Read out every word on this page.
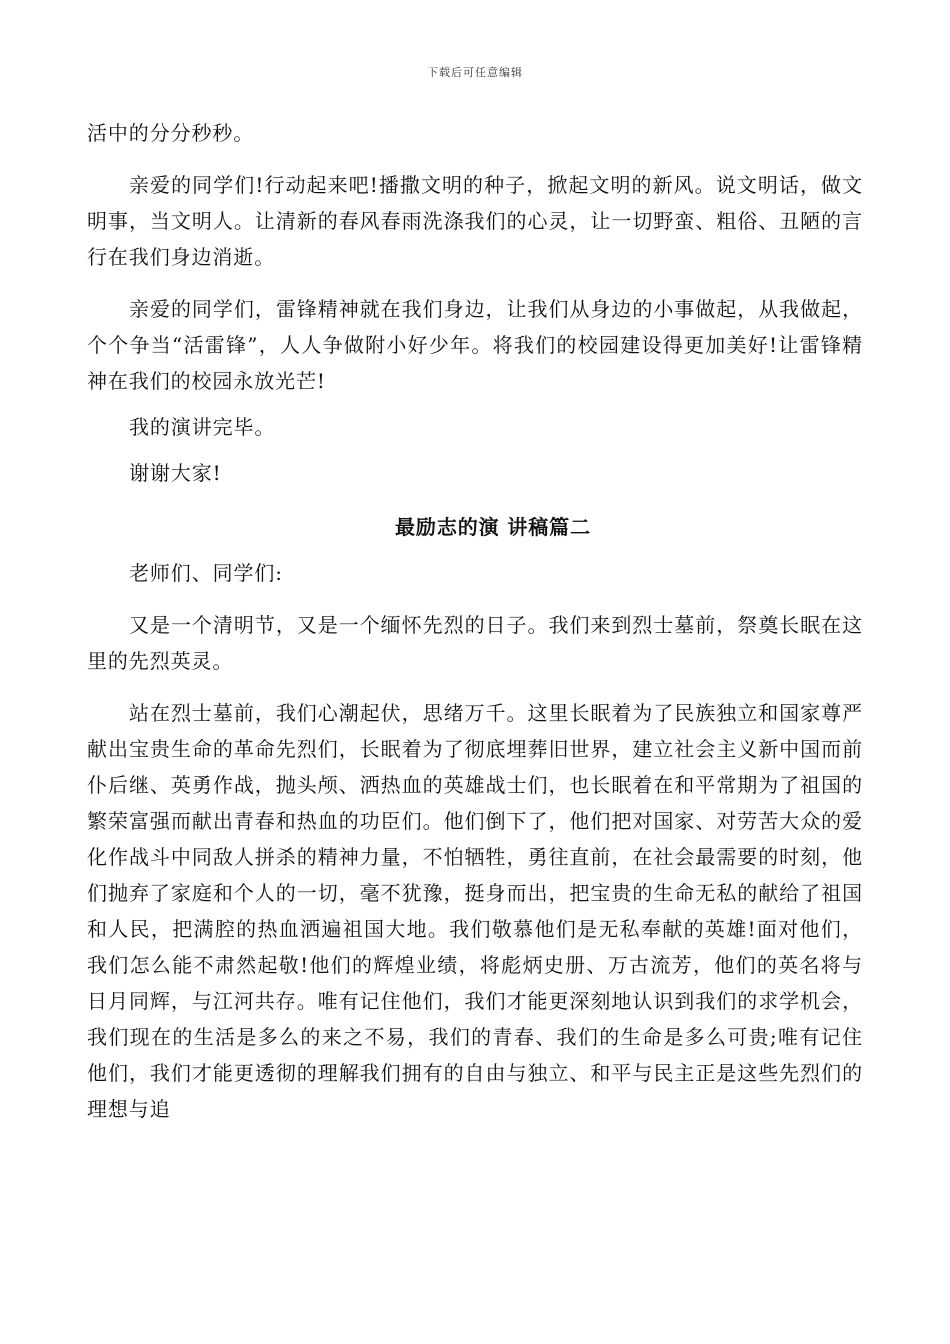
下载后可任意编辑

活中的分分秒秒。

亲爱的同学们!行动起来吧!播撒文明的种子，掀起文明的新风。说文明话，做文明事，当文明人。让清新的春风春雨洗涤我们的心灵，让一切野蛮、粗俗、丑陋的言行在我们身边消逝。

亲爱的同学们，雷锋精神就在我们身边，让我们从身边的小事做起，从我做起，个个争当“活雷锋”，人人争做附小好少年。将我们的校园建设得更加美好!让雷锋精神在我们的校园永放光芒!

我的演讲完毕。

谢谢大家!

最励志的演 讲稿篇二

老师们、同学们:

又是一个清明节，又是一个缅怀先烈的日子。我们来到烈士墓前，祭奠长眠在这里的先烈英灵。

站在烈士墓前，我们心潮起伏，思绪万千。这里长眠着为了民族独立和国家尊严献出宝贵生命的革命先烈们，长眠着为了彻底埋葬旧世界，建立社会主义新中国而前仆后继、英勇作战，抛头颅、洒热血的英雄战士们，也长眠着在和平常期为了祖国的繁荣富强而献出青春和热血的功臣们。他们倒下了，他们把对国家、对劳苦大众的爱化作战斗中同敌人拼杀的精神力量，不怕牺牲，勇往直前，在社会最需要的时刻，他们抛弃了家庭和个人的一切，毫不犹豫，挺身而出，把宝贵的生命无私的献给了祖国和人民，把满腔的热血洒遍祖国大地。我们敬慕他们是无私奉献的英雄!面对他们，我们怎么能不肃然起敬!他们的辉煌业绩，将彪炳史册、万古流芳，他们的英名将与日月同辉，与江河共存。唯有记住他们，我们才能更深刻地认识到我们的求学机会，我们现在的生活是多么的来之不易，我们的青春、我们的生命是多么可贵;唯有记住他们，我们才能更透彻的理解我们拥有的自由与独立、和平与民主正是这些先烈们的理想与追
